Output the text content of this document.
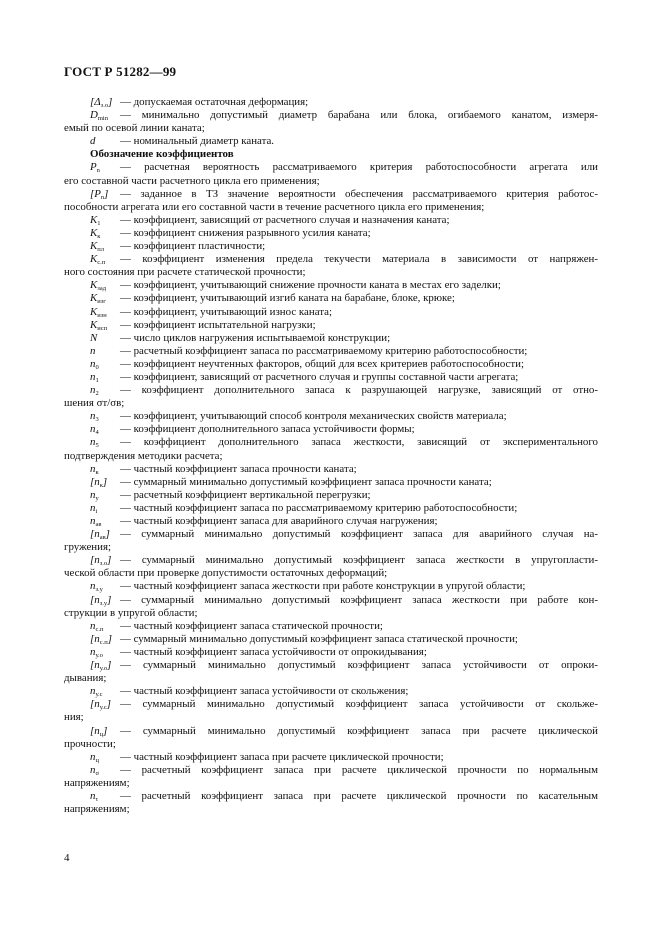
ГОСТ Р 51282—99
$[\Delta_{з.о}]$ — допускаемая остаточная деформация;
$D_{min}$ — минимально допустимый диаметр барабана или блока, огибаемого канатом, измеря-
емый по осевой линии каната;
d — номинальный диаметр каната.
Обозначение коэффициентов
$P_n$ — расчетная вероятность рассматриваемого критерия работоспособности агрегата или
его составной части расчетного цикла его применения;
$[P_n]$ — заданное в ТЗ значение вероятности обеспечения рассматриваемого критерия работос-
пособности агрегата или его составной части в течение расчетного цикла его применения;
$K_1$ — коэффициент, зависящий от расчетного случая и назначения каната;
$K_к$ — коэффициент снижения разрывного усилия каната;
$K_{пл}$ — коэффициент пластичности;
$K_{с.п}$ — коэффициент изменения предела текучести материала в зависимости от напряжен-
ного состояния при расчете статической прочности;
$K_{зад}$ — коэффициент, учитывающий снижение прочности каната в местах его заделки;
$K_{изг}$ — коэффициент, учитывающий изгиб каната на барабане, блоке, крюке;
$K_{изн}$ — коэффициент, учитывающий износ каната;
$K_{исп}$ — коэффициент испытательной нагрузки;
N — число циклов нагружения испытываемой конструкции;
n — расчетный коэффициент запаса по рассматриваемому критерию работоспособности;
$n_0$ — коэффициент неучтенных факторов, общий для всех критериев работоспособности;
$n_1$ — коэффициент, зависящий от расчетного случая и группы составной части агрегата;
$n_2$ — коэффициент дополнительного запаса к разрушающей нагрузке, зависящий от отно-
шения σт/σв;
$n_3$ — коэффициент, учитывающий способ контроля механических свойств материала;
$n_4$ — коэффициент дополнительного запаса устойчивости формы;
$n_5$ — коэффициент дополнительного запаса жесткости, зависящий от экспериментального
подтверждения методики расчета;
$n_к$ — частный коэффициент запаса прочности каната;
$[n_к]$ — суммарный минимально допустимый коэффициент запаса прочности каната;
$n_у$ — расчетный коэффициент вертикальной перегрузки;
$n_i$ — частный коэффициент запаса по рассматриваемому критерию работоспособности;
$n_{ав}$ — частный коэффициент запаса для аварийного случая нагружения;
$[n_{ав}]$ — суммарный минимально допустимый коэффициент запаса для аварийного случая на-
гружения;
$[n_{з.о}]$ — суммарный минимально допустимый коэффициент запаса жесткости в упругопласти-
ческой области при проверке допустимости остаточных деформаций;
$n_{з.у}$ — частный коэффициент запаса жесткости при работе конструкции в упругой области;
$[n_{з.у}]$ — суммарный минимально допустимый коэффициент запаса жесткости при работе кон-
струкции в упругой области;
$n_{с.п}$ — частный коэффициент запаса статической прочности;
$[n_{с.п}]$ — суммарный минимально допустимый коэффициент запаса статической прочности;
$n_{у.о}$ — частный коэффициент запаса устойчивости от опрокидывания;
$[n_{у.о}]$ — суммарный минимально допустимый коэффициент запаса устойчивости от опроки-
дывания;
$n_{у.с}$ — частный коэффициент запаса устойчивости от скольжения;
$[n_{у.с}]$ — суммарный минимально допустимый коэффициент запаса устойчивости от скольже-
ния;
$[n_ц]$ — суммарный минимально допустимый коэффициент запаса при расчете циклической
прочности;
$n_ц$ — частный коэффициент запаса при расчете циклической прочности;
$n_\sigma$ — расчетный коэффициент запаса при расчете циклической прочности по нормальным
напряжениям;
$n_\tau$ — расчетный коэффициент запаса при расчете циклической прочности по касательным
напряжениям;
4
